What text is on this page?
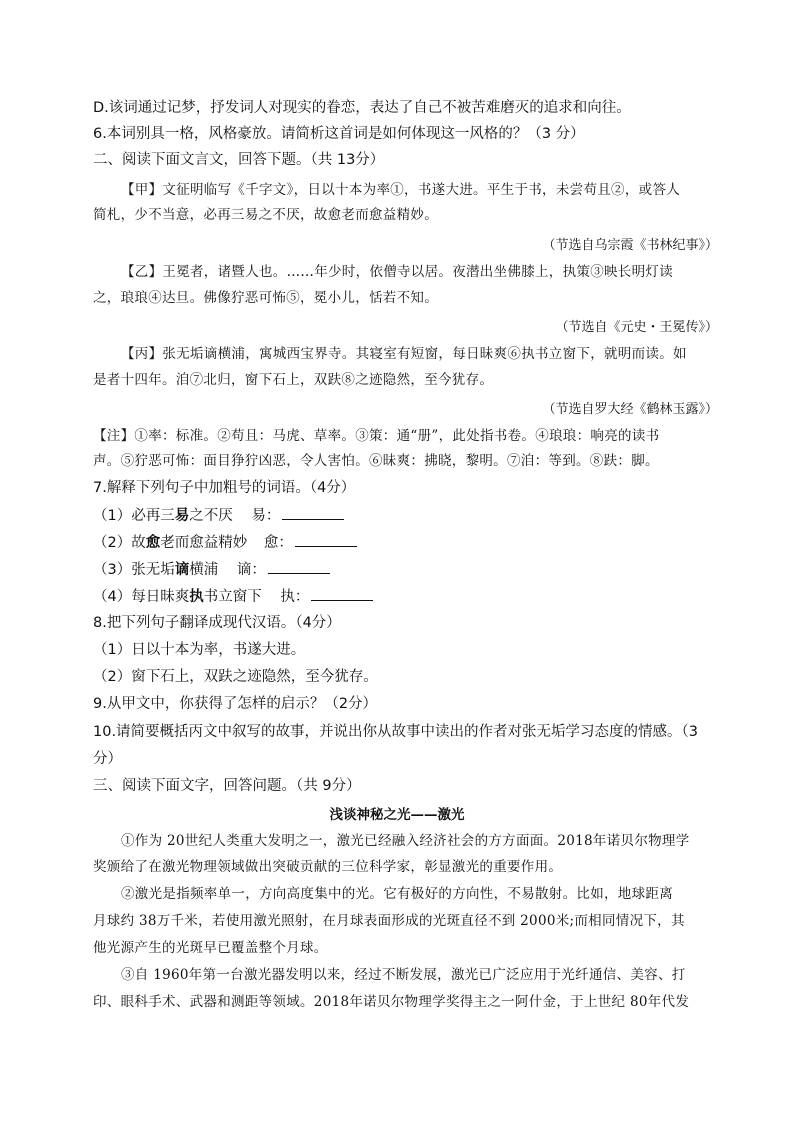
D.该词通过记梦，抒发词人对现实的眷恋，表达了自己不被苦难磨灭的追求和向往。
6.本词别具一格，风格豪放。请简析这首词是如何体现这一风格的？（3 分）
二、阅读下面文言文，回答下题。（共 13分）
【甲】文征明临写《千字文》，日以十本为率①，书遂大进。平生于书，未尝苟且②，或答人
简札，少不当意，必再三易之不厌，故愈老而愈益精妙。
（节选自乌宗霞《书林纪事》）
【乙】王冕者，诸暨人也。……年少时，依僧寺以居。夜潜出坐佛膝上，执策③映长明灯读
之，琅琅④达旦。佛像狞恶可怖⑤，冕小儿，恬若不知。
（节选自《元史・王冕传》）
【丙】张无垢谪横浦，寓城西宝界寺。其寝室有短窗，每日昧爽⑥执书立窗下，就明而读。如
是者十四年。洎⑦北归，窗下石上，双趺⑧之迹隐然，至今犹存。
（节选自罗大经《鹤林玉露》）
【注】①率：标准。②苟且：马虎、草率。③策：通“册”，此处指书卷。④琅琅：响亮的读书
声。⑤狞恶可怖：面目狰狞凶恶，令人害怕。⑥昧爽：拂晓，黎明。⑦洎：等到。⑧趺：脚。
7.解释下列句子中加粗号的词语。（4分）
（1）必再三易之不厌 易：
（2）故愈老而愈益精妙 愈：
（3）张无垢谪横浦 谪：
（4）每日昧爽执书立窗下 执：
8.把下列句子翻译成现代汉语。（4分）
（1）日以十本为率，书遂大进。
（2）窗下石上，双趺之迹隐然，至今犹存。
9.从甲文中，你获得了怎样的启示？（2分）
10.请简要概括丙文中叙写的故事，并说出你从故事中读出的作者对张无垢学习态度的情感。（3
分）
三、阅读下面文字，回答问题。（共 9分）
浅谈神秘之光——激光
①作为 20世纪人类重大发明之一，激光已经融入经济社会的方方面面。2018年诺贝尔物理学
奖颁给了在激光物理领域做出突破贡献的三位科学家，彰显激光的重要作用。
②激光是指频率单一，方向高度集中的光。它有极好的方向性，不易散射。比如，地球距离
月球约 38万千米，若使用激光照射，在月球表面形成的光斑直径不到 2000米;而相同情况下，其
他光源产生的光斑早已覆盖整个月球。
③自 1960年第一台激光器发明以来，经过不断发展，激光已广泛应用于光纤通信、美容、打
印、眼科手术、武器和测距等领域。2018年诺贝尔物理学奖得主之一阿什金，于上世纪 80年代发
